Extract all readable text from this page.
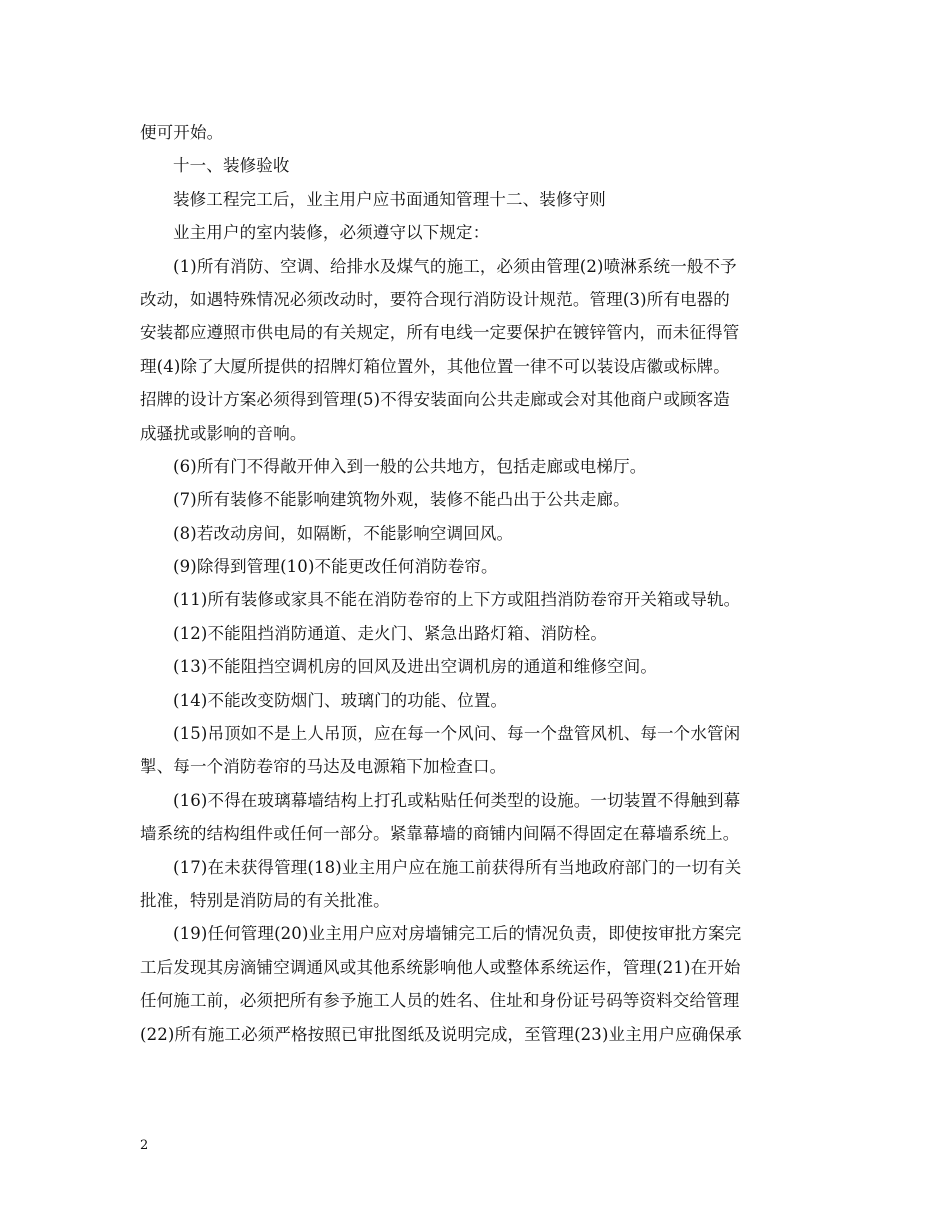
便可开始。
十一、装修验收
装修工程完工后，业主用户应书面通知管理十二、装修守则
业主用户的室内装修，必须遵守以下规定：
(1)所有消防、空调、给排水及煤气的施工，必须由管理(2)喷淋系统一般不予
改动，如遇特殊情况必须改动时，要符合现行消防设计规范。管理(3)所有电器的
安装都应遵照市供电局的有关规定，所有电线一定要保护在镀锌管内，而未征得管
理(4)除了大厦所提供的招牌灯箱位置外，其他位置一律不可以装设店徽或标牌。
招牌的设计方案必须得到管理(5)不得安装面向公共走廊或会对其他商户或顾客造
成骚扰或影响的音响。
(6)所有门不得敞开伸入到一般的公共地方，包括走廊或电梯厅。
(7)所有装修不能影响建筑物外观，装修不能凸出于公共走廊。
(8)若改动房间，如隔断，不能影响空调回风。
(9)除得到管理(10)不能更改任何消防卷帘。
(11)所有装修或家具不能在消防卷帘的上下方或阻挡消防卷帘开关箱或导轨。
(12)不能阻挡消防通道、走火门、紧急出路灯箱、消防栓。
(13)不能阻挡空调机房的回风及进出空调机房的通道和维修空间。
(14)不能改变防烟门、玻璃门的功能、位置。
(15)吊顶如不是上人吊顶，应在每一个风问、每一个盘管风机、每一个水管闲
掣、每一个消防卷帘的马达及电源箱下加检查口。
(16)不得在玻璃幕墙结构上打孔或粘贴任何类型的设施。一切装置不得触到幕
墙系统的结构组件或任何一部分。紧靠幕墙的商铺内间隔不得固定在幕墙系统上。
(17)在未获得管理(18)业主用户应在施工前获得所有当地政府部门的一切有关
批准，特别是消防局的有关批准。
(19)任何管理(20)业主用户应对房墙铺完工后的情况负责，即使按审批方案完
工后发现其房滴铺空调通风或其他系统影响他人或整体系统运作，管理(21)在开始
任何施工前，必须把所有参予施工人员的姓名、住址和身份证号码等资料交给管理
(22)所有施工必须严格按照已审批图纸及说明完成，至管理(23)业主用户应确保承
2
